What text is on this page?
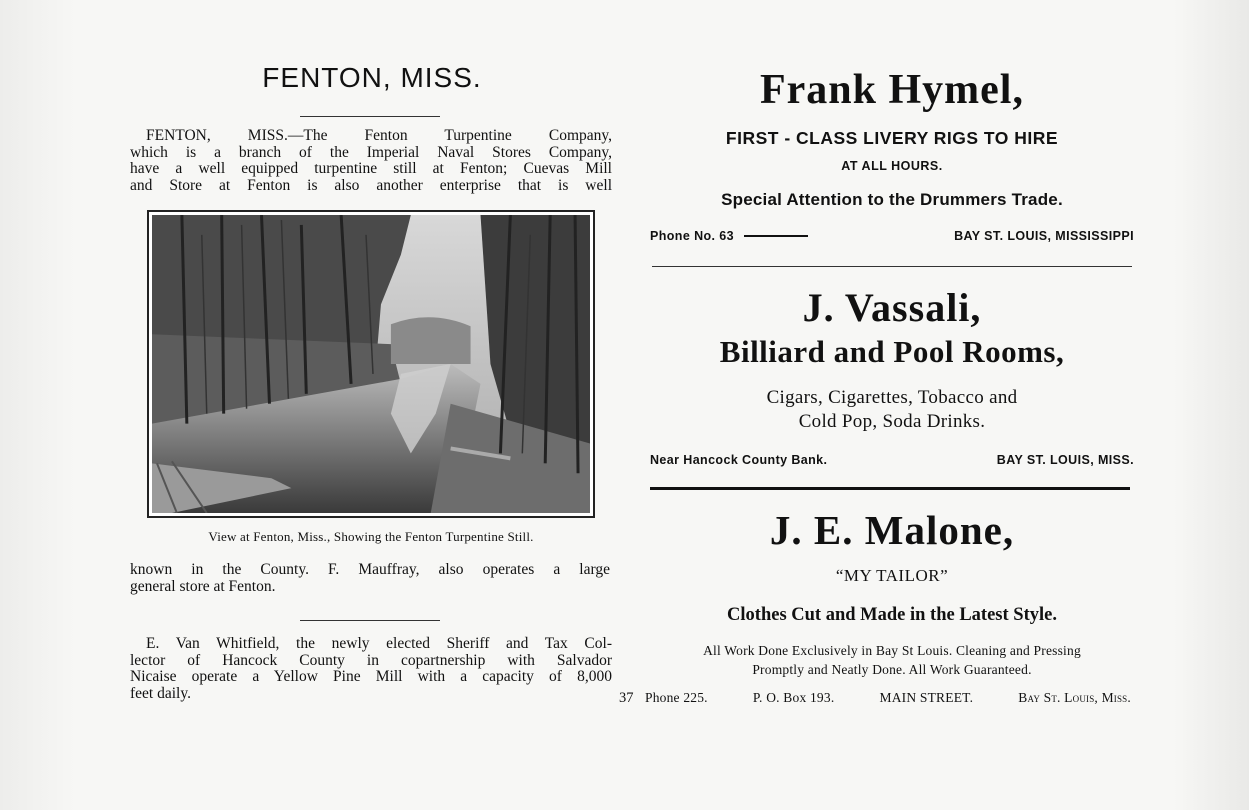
FENTON, MISS.
FENTON, MISS.—The Fenton Turpentine Company,
which is a branch of the Imperial Naval Stores Company,
have a well equipped turpentine still at Fenton; Cuevas Mill
and Store at Fenton is also another enterprise that is well
View at Fenton, Miss., Showing the Fenton Turpentine Still.
known in the County. F. Mauffray, also operates a large
general store at Fenton.
E. Van Whitfield, the newly elected Sheriff and Tax Col-
lector of Hancock County in copartnership with Salvador
Nicaise operate a Yellow Pine Mill with a capacity of 8,000
feet daily.	37
Frank Hymel,
FIRST - CLASS LIVERY RIGS TO HIRE
AT ALL HOURS.
Special Attention to the Drummers Trade.
Phone No. 63	BAY ST. LOUIS, MISSISSIPPI
J. Vassali,
Billiard and Pool Rooms,
Cigars, Cigarettes, Tobacco and
Cold Pop, Soda Drinks.
Near Hancock County Bank.	BAY ST. LOUIS, MISS.
J. E. Malone,
“MY TAILOR”
Clothes Cut and Made in the Latest Style.
All Work Done Exclusively in Bay St Louis. Cleaning and Pressing
Promptly and Neatly Done. All Work Guaranteed.
Phone 225.	P. O. Box 193.	MAIN STREET.	Bay St. Louis, Miss.
